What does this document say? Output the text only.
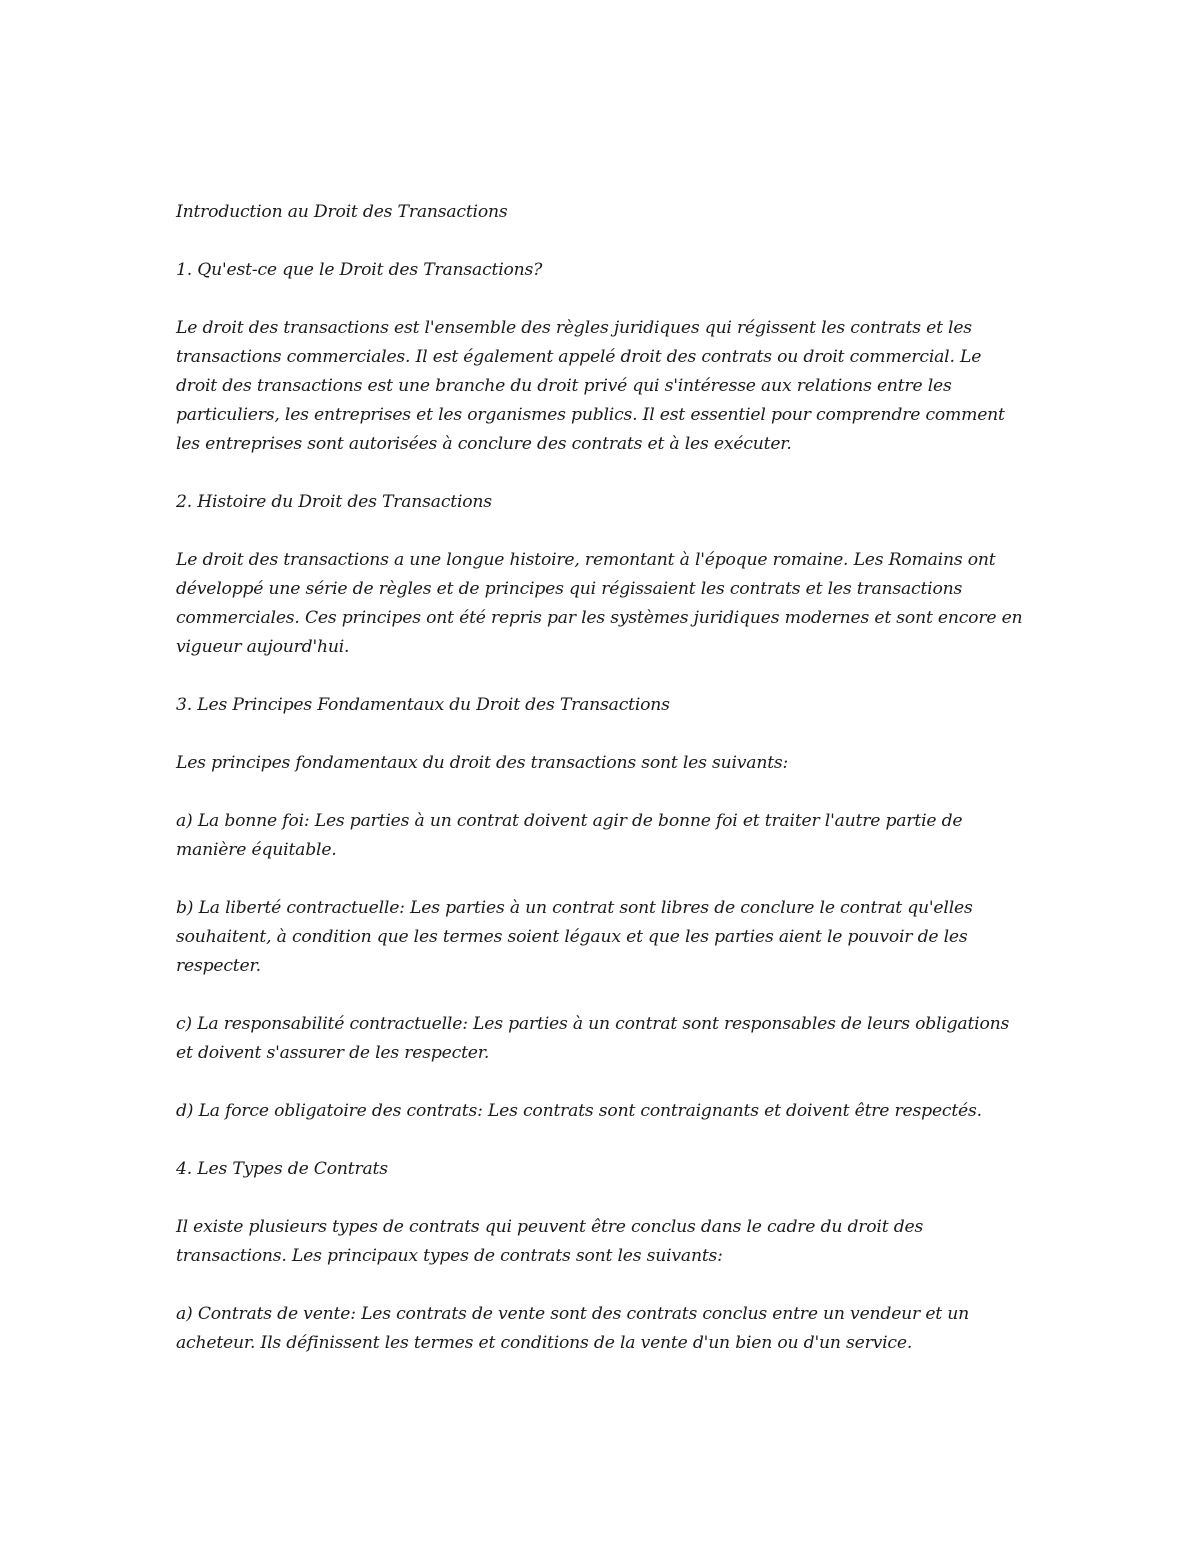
Introduction au Droit des Transactions

1. Qu'est-ce que le Droit des Transactions?

Le droit des transactions est l'ensemble des règles juridiques qui régissent les contrats et les transactions commerciales. Il est également appelé droit des contrats ou droit commercial. Le droit des transactions est une branche du droit privé qui s'intéresse aux relations entre les particuliers, les entreprises et les organismes publics. Il est essentiel pour comprendre comment les entreprises sont autorisées à conclure des contrats et à les exécuter.

2. Histoire du Droit des Transactions

Le droit des transactions a une longue histoire, remontant à l'époque romaine. Les Romains ont développé une série de règles et de principes qui régissaient les contrats et les transactions commerciales. Ces principes ont été repris par les systèmes juridiques modernes et sont encore en vigueur aujourd'hui.

3. Les Principes Fondamentaux du Droit des Transactions

Les principes fondamentaux du droit des transactions sont les suivants:

a) La bonne foi: Les parties à un contrat doivent agir de bonne foi et traiter l'autre partie de manière équitable.

b) La liberté contractuelle: Les parties à un contrat sont libres de conclure le contrat qu'elles souhaitent, à condition que les termes soient légaux et que les parties aient le pouvoir de les respecter.

c) La responsabilité contractuelle: Les parties à un contrat sont responsables de leurs obligations et doivent s'assurer de les respecter.

d) La force obligatoire des contrats: Les contrats sont contraignants et doivent être respectés.

4. Les Types de Contrats

Il existe plusieurs types de contrats qui peuvent être conclus dans le cadre du droit des transactions. Les principaux types de contrats sont les suivants:

a) Contrats de vente: Les contrats de vente sont des contrats conclus entre un vendeur et un acheteur. Ils définissent les termes et conditions de la vente d'un bien ou d'un service.
